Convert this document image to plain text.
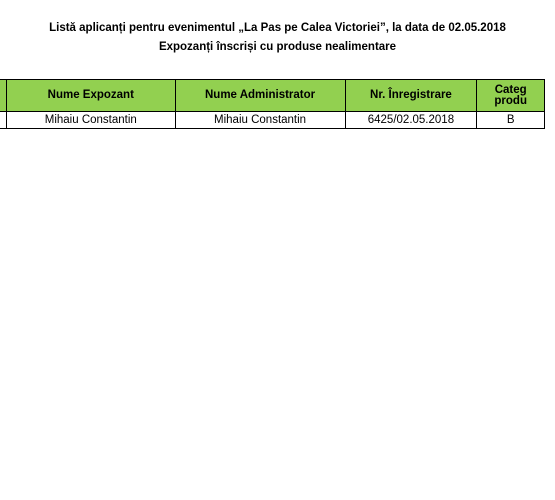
Listă aplicanți pentru evenimentul „La Pas pe Calea Victoriei”, la data de 02.05.2018
Expozanți înscriși cu produse nealimentare
	Nume Expozant	Nume Administrator	Nr. Înregistrare	Categ produ

	Mihaiu Constantin	Mihaiu Constantin	6425/02.05.2018	B
